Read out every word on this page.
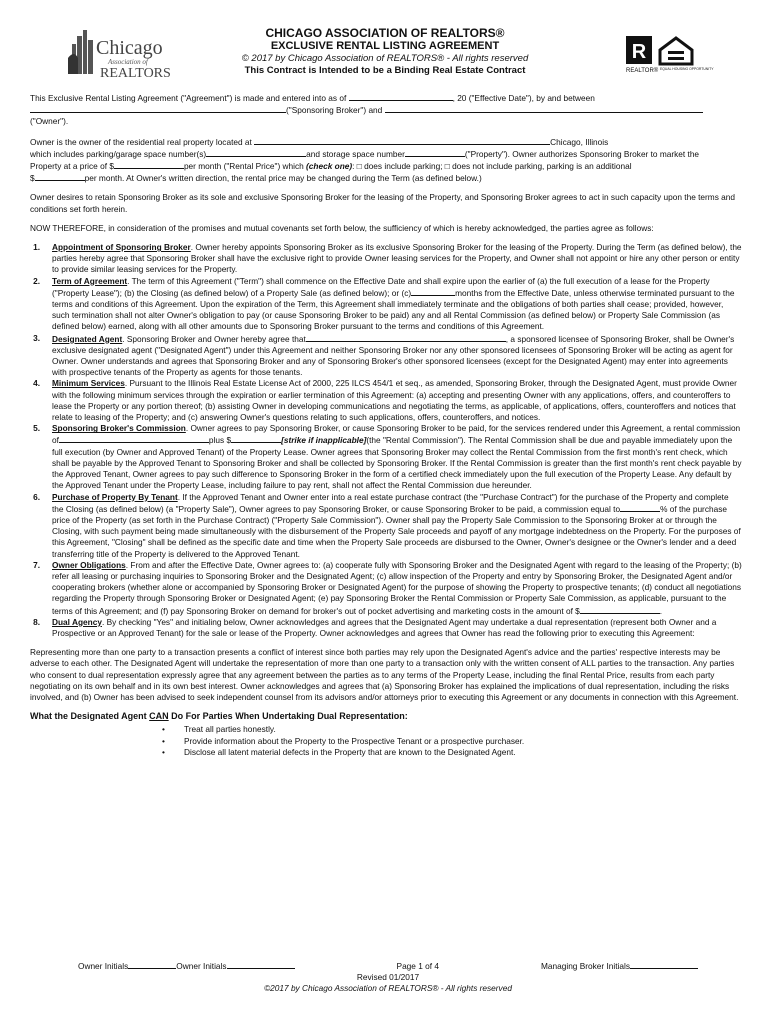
Chicago
Association of
REALTORS
CHICAGO ASSOCIATION OF REALTORS®
EXCLUSIVE RENTAL LISTING AGREEMENT
© 2017 by Chicago Association of REALTORS® - All rights reserved
This Contract is Intended to be a Binding Real Estate Contract
R
REALTOR® EQUAL HOUSING OPPORTUNITY

This Exclusive Rental Listing Agreement ("Agreement") is made and entered into as of	, 20 ("Effective Date"), by and between
("Sponsoring Broker") and  ("Owner").

Owner is the owner of the residential real property located at	Chicago, Illinois
which includes parking/garage space number(s)	and storage space number	("Property"). Owner authorizes Sponsoring Broker to market the
Property at a price of $	per month ("Rental Price") which (check one): □ does include parking; □ does not include parking, parking is an additional
$	per month. At Owner's written direction, the rental price may be changed during the Term (as defined below.)

Owner desires to retain Sponsoring Broker as its sole and exclusive Sponsoring Broker for the leasing of the Property, and Sponsoring Broker agrees to act in such capacity upon the terms and conditions set forth herein.

NOW THEREFORE, in consideration of the promises and mutual covenants set forth below, the sufficiency of which is hereby acknowledged, the parties agree as follows:

1.	Appointment of Sponsoring Broker. Owner hereby appoints Sponsoring Broker as its exclusive Sponsoring Broker for the leasing of the Property. During the Term (as defined below), the parties hereby agree that Sponsoring Broker shall have the exclusive right to provide Owner leasing services for the Property, and Owner shall not appoint or hire any other person or entity to provide similar leasing services for the Property.
2.	Term of Agreement. The term of this Agreement ("Term") shall commence on the Effective Date and shall expire upon the earlier of (a) the full execution of a lease for the Property ("Property Lease"); (b) the Closing (as defined below) of a Property Sale (as defined below); or (c)	months from the Effective Date, unless otherwise terminated pursuant to the terms and conditions of this Agreement. Upon the expiration of the Term, this Agreement shall immediately terminate and the obligations of both parties shall cease; provided, however, such termination shall not alter Owner's obligation to pay (or cause Sponsoring Broker to be paid) any and all Rental Commission (as defined below) or Property Sale Commission (as defined below) earned, along with all other amounts due to Sponsoring Broker pursuant to the terms and conditions of this Agreement.
3.	Designated Agent. Sponsoring Broker and Owner hereby agree that	, a sponsored licensee of Sponsoring Broker, shall be Owner's exclusive designated agent ("Designated Agent") under this Agreement and neither Sponsoring Broker nor any other sponsored licensees of Sponsoring Broker will be acting as agent for Owner. Owner understands and agrees that Sponsoring Broker and any of Sponsoring Broker's other sponsored licensees (except for the Designated Agent) may enter into agreements with prospective tenants of the Property as agents for those tenants.
4.	Minimum Services. Pursuant to the Illinois Real Estate License Act of 2000, 225 ILCS 454/1 et seq., as amended, Sponsoring Broker, through the Designated Agent, must provide Owner with the following minimum services through the expiration or earlier termination of this Agreement: (a) accepting and presenting Owner with any applications, offers, and counteroffers to lease the Property or any portion thereof; (b) assisting Owner in developing communications and negotiating the terms, as applicable, of applications, offers, counteroffers and notices that relate to leasing of the Property; and (c) answering Owner's questions relating to such applications, offers, counteroffers, and notices.
5.	Sponsoring Broker's Commission. Owner agrees to pay Sponsoring Broker, or cause Sponsoring Broker to be paid, for the services rendered under this Agreement, a rental commission of	plus $	[strike if inapplicable](the "Rental Commission"). The Rental Commission shall be due and payable immediately upon the full execution (by Owner and Approved Tenant) of the Property Lease. Owner agrees that Sponsoring Broker may collect the Rental Commission from the first month's rent check, which shall be payable by the Approved Tenant to Sponsoring Broker and shall be collected by Sponsoring Broker. If the Rental Commission is greater than the first month's rent check payable by the Approved Tenant, Owner agrees to pay such difference to Sponsoring Broker in the form of a certified check immediately upon the full execution of the Property Lease. Any default by the Approved Tenant under the Property Lease, including failure to pay rent, shall not affect the Rental Commission due hereunder.
6.	Purchase of Property By Tenant. If the Approved Tenant and Owner enter into a real estate purchase contract (the "Purchase Contract") for the purchase of the Property and complete the Closing (as defined below) (a "Property Sale"), Owner agrees to pay Sponsoring Broker, or cause Sponsoring Broker to be paid, a commission equal to	% of the purchase price of the Property (as set forth in the Purchase Contract) ("Property Sale Commission"). Owner shall pay the Property Sale Commission to the Sponsoring Broker at or through the Closing, with such payment being made simultaneously with the disbursement of the Property Sale proceeds and payoff of any mortgage indebtedness on the Property. For the purposes of this Agreement, "Closing" shall be defined as the specific date and time when the Property Sale proceeds are disbursed to the Owner, Owner's designee or the Owner's lender and a deed transferring title of the Property is delivered to the Approved Tenant.
7.	Owner Obligations. From and after the Effective Date, Owner agrees to: (a) cooperate fully with Sponsoring Broker and the Designated Agent with regard to the leasing of the Property; (b) refer all leasing or purchasing inquiries to Sponsoring Broker and the Designated Agent; (c) allow inspection of the Property and entry by Sponsoring Broker, the Designated Agent and/or cooperating brokers (whether alone or accompanied by Sponsoring Broker or Designated Agent) for the purpose of showing the Property to prospective tenants; (d) conduct all negotiations regarding the Property through Sponsoring Broker or Designated Agent; (e) pay Sponsoring Broker the Rental Commission or Property Sale Commission, as applicable, pursuant to the terms of this Agreement; and (f) pay Sponsoring Broker on demand for broker's out of pocket advertising and marketing costs in the amount of $	.
8.	Dual Agency. By checking "Yes" and initialing below, Owner acknowledges and agrees that the Designated Agent may undertake a dual representation (represent both Owner and a Prospective or an Approved Tenant) for the sale or lease of the Property. Owner acknowledges and agrees that Owner has read the following prior to executing this Agreement:

Representing more than one party to a transaction presents a conflict of interest since both parties may rely upon the Designated Agent's advice and the parties' respective interests may be adverse to each other. The Designated Agent will undertake the representation of more than one party to a transaction only with the written consent of ALL parties to the transaction. Any parties who consent to dual representation expressly agree that any agreement between the parties as to any terms of the Property Lease, including the final Rental Price, results from each party negotiating on its own behalf and in its own best interest. Owner acknowledges and agrees that (a) Sponsoring Broker has explained the implications of dual representation, including the risks involved, and (b) Owner has been advised to seek independent counsel from its advisors and/or attorneys prior to executing this Agreement or any documents in connection with this Agreement.

What the Designated Agent CAN Do For Parties When Undertaking Dual Representation:

• Treat all parties honestly.
• Provide information about the Property to the Prospective Tenant or a prospective purchaser.
• Disclose all latent material defects in the Property that are known to the Designated Agent.
Owner Initials	Owner Initials	Page 1 of 4	Managing Broker Initials
Revised 01/2017
©2017 by Chicago Association of REALTORS® - All rights reserved
